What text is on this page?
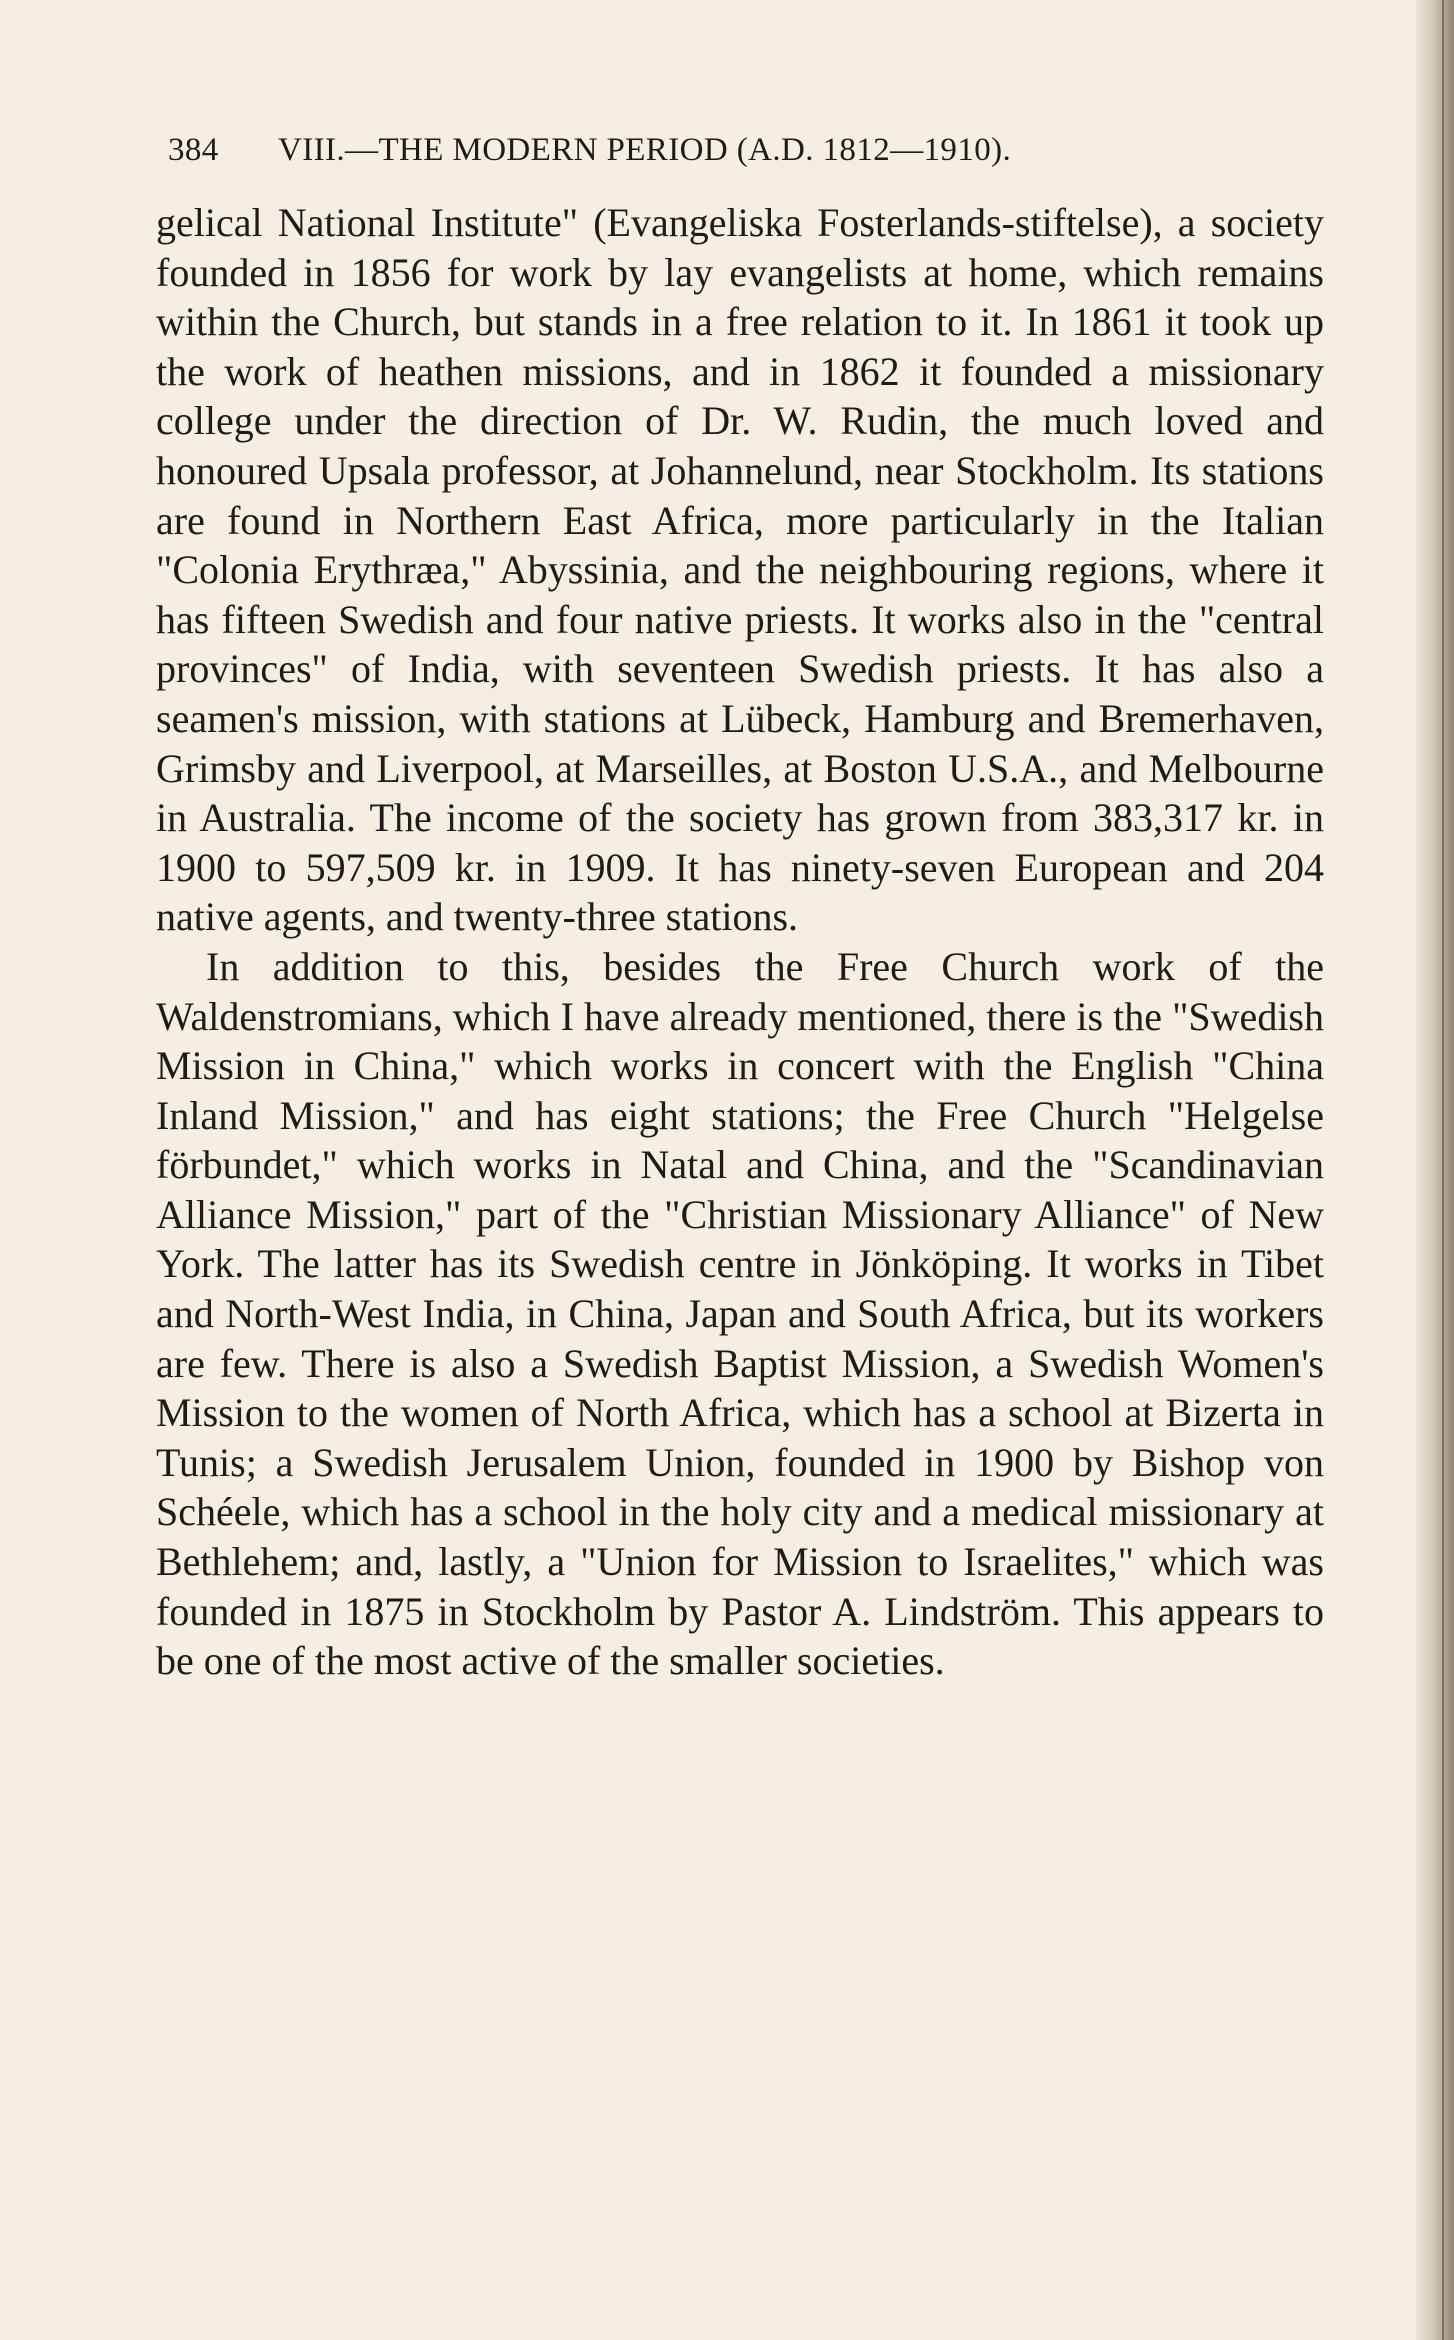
384 VIII.—THE MODERN PERIOD (A.D. 1812—1910).

gelical National Institute" (Evangeliska Fosterlands-stiftelse), a society founded in 1856 for work by lay evangelists at home, which remains within the Church, but stands in a free relation to it. In 1861 it took up the work of heathen missions, and in 1862 it founded a missionary college under the direction of Dr. W. Rudin, the much loved and honoured Upsala professor, at Johannelund, near Stockholm. Its stations are found in Northern East Africa, more particularly in the Italian "Colonia Erythræa," Abyssinia, and the neighbouring regions, where it has fifteen Swedish and four native priests. It works also in the "central provinces" of India, with seventeen Swedish priests. It has also a seamen's mission, with stations at Lübeck, Hamburg and Bremerhaven, Grimsby and Liverpool, at Marseilles, at Boston U.S.A., and Melbourne in Australia. The income of the society has grown from 383,317 kr. in 1900 to 597,509 kr. in 1909. It has ninety-seven European and 204 native agents, and twenty-three stations.

In addition to this, besides the Free Church work of the Waldenstromians, which I have already mentioned, there is the "Swedish Mission in China," which works in concert with the English "China Inland Mission," and has eight stations; the Free Church "Helgelse förbundet," which works in Natal and China, and the "Scandinavian Alliance Mission," part of the "Christian Missionary Alliance" of New York. The latter has its Swedish centre in Jönköping. It works in Tibet and North-West India, in China, Japan and South Africa, but its workers are few. There is also a Swedish Baptist Mission, a Swedish Women's Mission to the women of North Africa, which has a school at Bizerta in Tunis; a Swedish Jerusalem Union, founded in 1900 by Bishop von Schéele, which has a school in the holy city and a medical missionary at Bethlehem; and, lastly, a "Union for Mission to Israelites," which was founded in 1875 in Stockholm by Pastor A. Lindström. This appears to be one of the most active of the smaller societies.
